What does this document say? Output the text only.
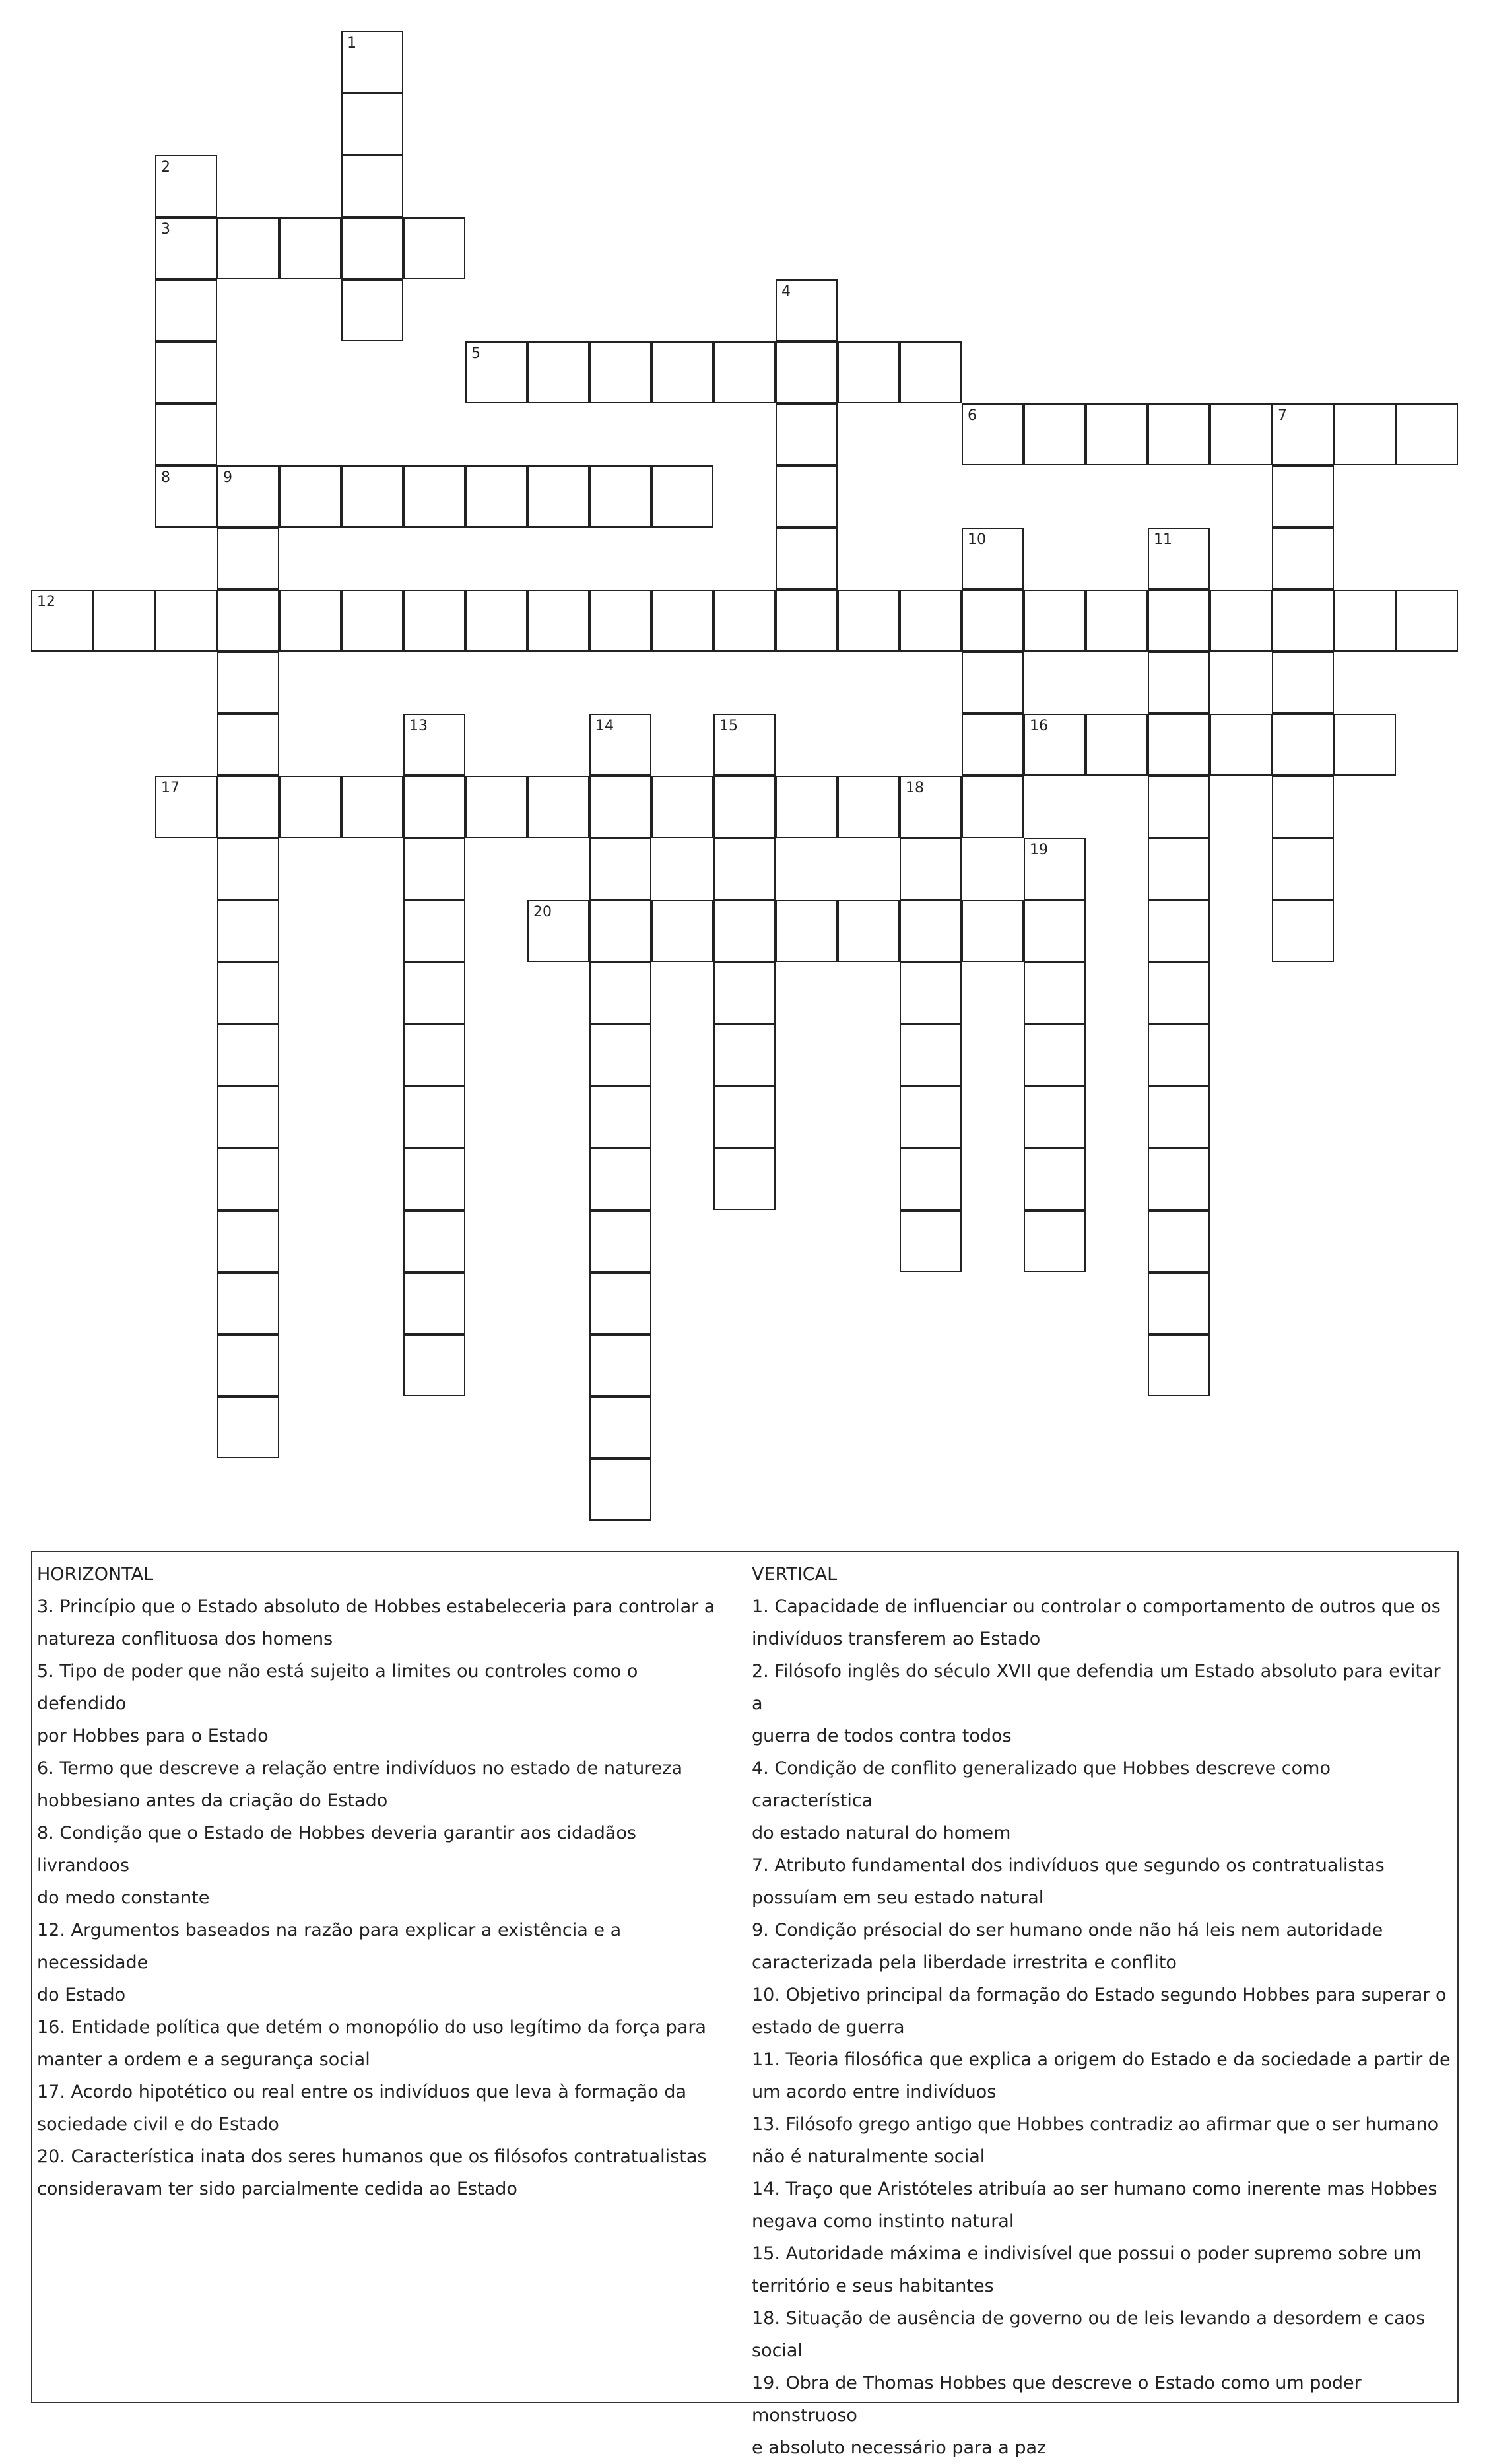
1
2
3
8
4
5
6	7
9
10	11
12
13	14	15	16
17	18
19
20

HORIZONTAL

3. Princípio que o Estado absoluto de Hobbes estabeleceria para controlar a

natureza conflituosa dos homens

5. Tipo de poder que não está sujeito a limites ou controles como o defendido

por Hobbes para o Estado

6. Termo que descreve a relação entre indivíduos no estado de natureza

hobbesiano antes da criação do Estado

8. Condição que o Estado de Hobbes deveria garantir aos cidadãos livrandoos

do medo constante

12. Argumentos baseados na razão para explicar a existência e a necessidade

do Estado

16. Entidade política que detém o monopólio do uso legítimo da força para

manter a ordem e a segurança social

17. Acordo hipotético ou real entre os indivíduos que leva à formação da

sociedade civil e do Estado

20. Característica inata dos seres humanos que os filósofos contratualistas

consideravam ter sido parcialmente cedida ao Estado

VERTICAL

1. Capacidade de influenciar ou controlar o comportamento de outros que os

indivíduos transferem ao Estado

2. Filósofo inglês do século XVII que defendia um Estado absoluto para evitar a

guerra de todos contra todos

4. Condição de conflito generalizado que Hobbes descreve como característica

do estado natural do homem

7. Atributo fundamental dos indivíduos que segundo os contratualistas

possuíam em seu estado natural

9. Condição présocial do ser humano onde não há leis nem autoridade

caracterizada pela liberdade irrestrita e conflito

10. Objetivo principal da formação do Estado segundo Hobbes para superar o

estado de guerra

11. Teoria filosófica que explica a origem do Estado e da sociedade a partir de

um acordo entre indivíduos

13. Filósofo grego antigo que Hobbes contradiz ao afirmar que o ser humano

não é naturalmente social

14. Traço que Aristóteles atribuía ao ser humano como inerente mas Hobbes

negava como instinto natural

15. Autoridade máxima e indivisível que possui o poder supremo sobre um

território e seus habitantes

18. Situação de ausência de governo ou de leis levando a desordem e caos

social

19. Obra de Thomas Hobbes que descreve o Estado como um poder monstruoso

e absoluto necessário para a paz
